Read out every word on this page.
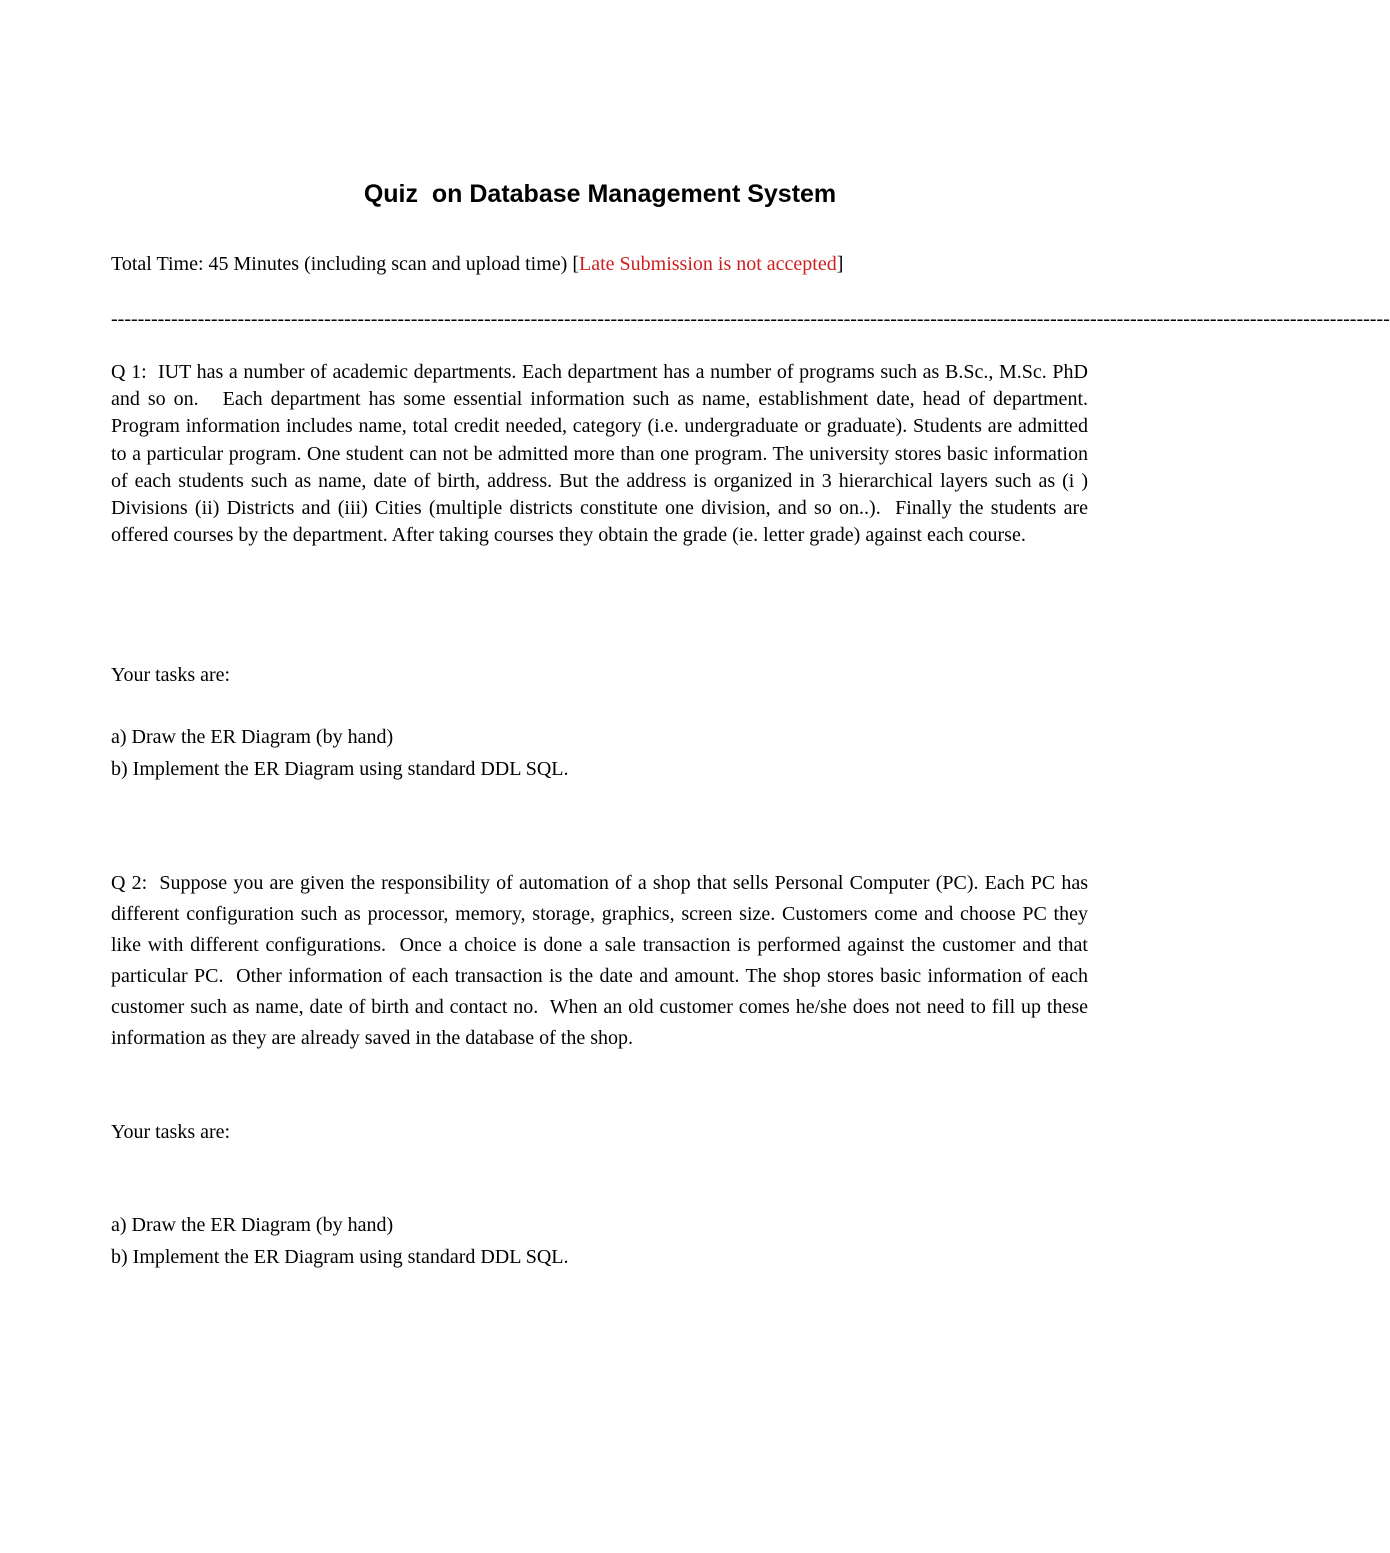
Quiz  on Database Management System
Total Time: 45 Minutes (including scan and upload time) [Late Submission is not accepted]
------------------------------------------------------------------------------------------------------------------------------------------------------------------------------------------------
Q 1:  IUT has a number of academic departments. Each department has a number of programs such as B.Sc., M.Sc. PhD and so on.   Each department has some essential information such as name, establishment date, head of department.  Program information includes name, total credit needed, category (i.e. undergraduate or graduate). Students are admitted to a particular program. One student can not be admitted more than one program. The university stores basic information of each students such as name, date of birth, address. But the address is organized in 3 hierarchical layers such as (i ) Divisions (ii) Districts and (iii) Cities (multiple districts constitute one division, and so on..).  Finally the students are offered courses by the department. After taking courses they obtain the grade (ie. letter grade) against each course.
Your tasks are:
a) Draw the ER Diagram (by hand)
b) Implement the ER Diagram using standard DDL SQL.
Q 2:  Suppose you are given the responsibility of automation of a shop that sells Personal Computer (PC). Each PC has different configuration such as processor, memory, storage, graphics, screen size. Customers come and choose PC they like with different configurations.  Once a choice is done a sale transaction is performed against the customer and that particular PC.  Other information of each transaction is the date and amount. The shop stores basic information of each customer such as name, date of birth and contact no.  When an old customer comes he/she does not need to fill up these information as they are already saved in the database of the shop.
Your tasks are:
a) Draw the ER Diagram (by hand)
b) Implement the ER Diagram using standard DDL SQL.
